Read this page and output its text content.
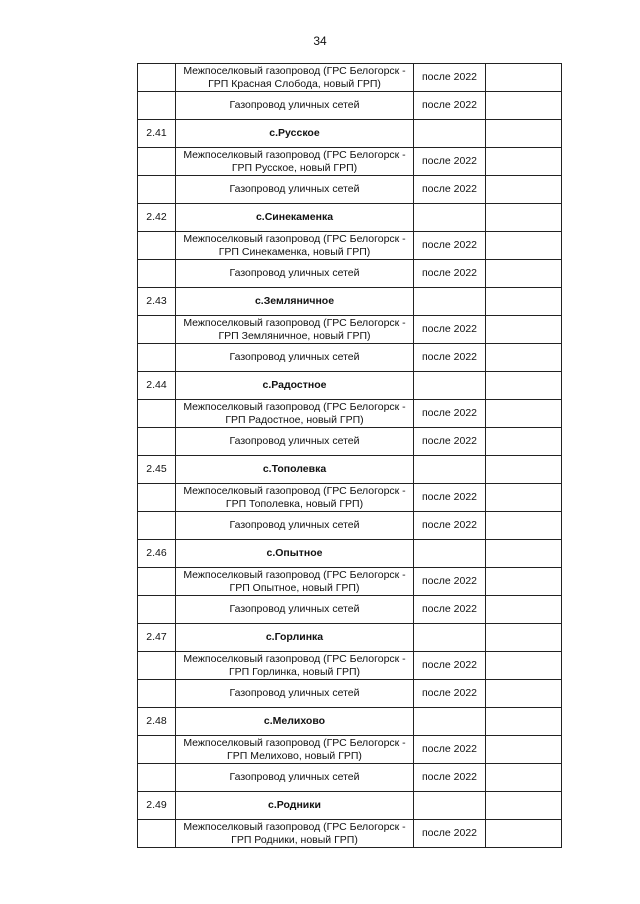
34
	Межпоселковый газопровод (ГРС Белогорск - ГРП Красная Слобода, новый ГРП)	после 2022	
	Газопровод уличных сетей	после 2022	
2.41	с.Русское		
	Межпоселковый газопровод (ГРС Белогорск - ГРП Русское, новый ГРП)	после 2022	
	Газопровод уличных сетей	после 2022	
2.42	с.Синекаменка		
	Межпоселковый газопровод (ГРС Белогорск - ГРП Синекаменка, новый ГРП)	после 2022	
	Газопровод уличных сетей	после 2022	
2.43	с.Земляничное		
	Межпоселковый газопровод (ГРС Белогорск - ГРП Земляничное, новый ГРП)	после 2022	
	Газопровод уличных сетей	после 2022	
2.44	с.Радостное		
	Межпоселковый газопровод (ГРС Белогорск - ГРП Радостное, новый ГРП)	после 2022	
	Газопровод уличных сетей	после 2022	
2.45	с.Тополевка		
	Межпоселковый газопровод (ГРС Белогорск - ГРП Тополевка, новый ГРП)	после 2022	
	Газопровод уличных сетей	после 2022	
2.46	с.Опытное		
	Межпоселковый газопровод (ГРС Белогорск - ГРП Опытное, новый ГРП)	после 2022	
	Газопровод уличных сетей	после 2022	
2.47	с.Горлинка		
	Межпоселковый газопровод (ГРС Белогорск - ГРП Горлинка, новый ГРП)	после 2022	
	Газопровод уличных сетей	после 2022	
2.48	с.Мелихово		
	Межпоселковый газопровод (ГРС Белогорск - ГРП Мелихово, новый ГРП)	после 2022	
	Газопровод уличных сетей	после 2022	
2.49	с.Родники		
	Межпоселковый газопровод (ГРС Белогорск - ГРП Родники, новый ГРП)	после 2022	
